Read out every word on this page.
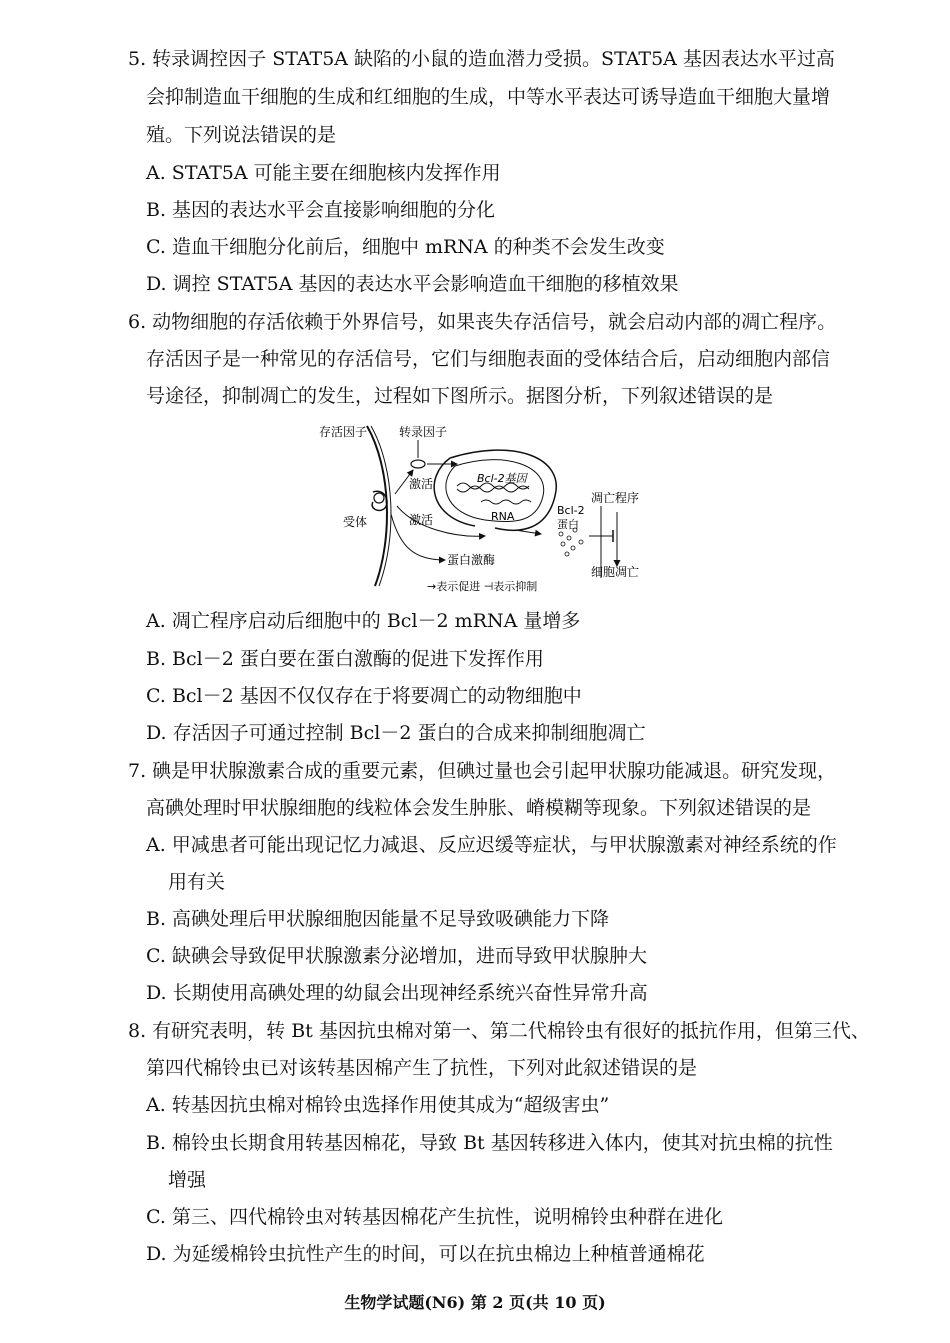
5. 转录调控因子 STAT5A 缺陷的小鼠的造血潜力受损。STAT5A 基因表达水平过高
会抑制造血干细胞的生成和红细胞的生成，中等水平表达可诱导造血干细胞大量增
殖。下列说法错误的是
A. STAT5A 可能主要在细胞核内发挥作用
B. 基因的表达水平会直接影响细胞的分化
C. 造血干细胞分化前后，细胞中 mRNA 的种类不会发生改变
D. 调控 STAT5A 基因的表达水平会影响造血干细胞的移植效果
6. 动物细胞的存活依赖于外界信号，如果丧失存活信号，就会启动内部的凋亡程序。
存活因子是一种常见的存活信号，它们与细胞表面的受体结合后，启动细胞内部信
号途径，抑制凋亡的发生，过程如下图所示。据图分析，下列叙述错误的是
存活因子	转录因子
激活
激活
受体
Bcl-2基因
RNA	Bcl-2
蛋白
凋亡程序
蛋白激酶
细胞凋亡
→表示促进 ⊣表示抑制
A. 凋亡程序启动后细胞中的 Bcl－2 mRNA 量增多
B. Bcl－2 蛋白要在蛋白激酶的促进下发挥作用
C. Bcl－2 基因不仅仅存在于将要凋亡的动物细胞中
D. 存活因子可通过控制 Bcl－2 蛋白的合成来抑制细胞凋亡
7. 碘是甲状腺激素合成的重要元素，但碘过量也会引起甲状腺功能减退。研究发现，
高碘处理时甲状腺细胞的线粒体会发生肿胀、嵴模糊等现象。下列叙述错误的是
A. 甲减患者可能出现记忆力减退、反应迟缓等症状，与甲状腺激素对神经系统的作
用有关
B. 高碘处理后甲状腺细胞因能量不足导致吸碘能力下降
C. 缺碘会导致促甲状腺激素分泌增加，进而导致甲状腺肿大
D. 长期使用高碘处理的幼鼠会出现神经系统兴奋性异常升高
8. 有研究表明，转 Bt 基因抗虫棉对第一、第二代棉铃虫有很好的抵抗作用，但第三代、
第四代棉铃虫已对该转基因棉产生了抗性，下列对此叙述错误的是
A. 转基因抗虫棉对棉铃虫选择作用使其成为“超级害虫”
B. 棉铃虫长期食用转基因棉花，导致 Bt 基因转移进入体内，使其对抗虫棉的抗性
增强
C. 第三、四代棉铃虫对转基因棉花产生抗性，说明棉铃虫种群在进化
D. 为延缓棉铃虫抗性产生的时间，可以在抗虫棉边上种植普通棉花
生物学试题(N6) 第 2 页(共 10 页)
